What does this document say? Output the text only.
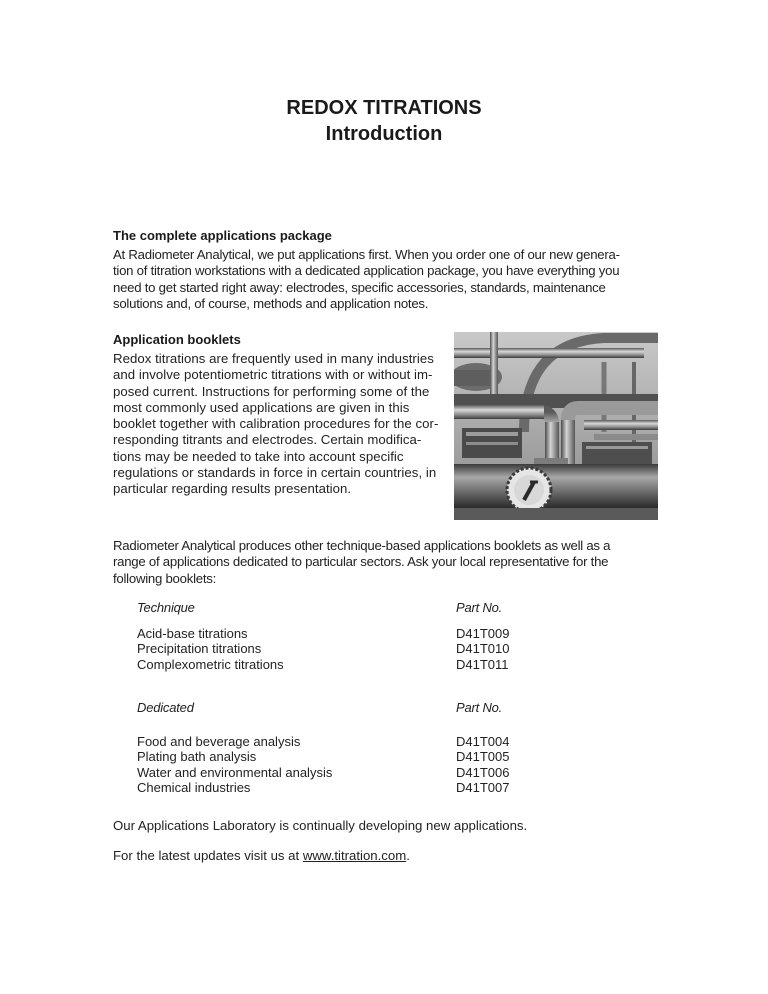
REDOX TITRATIONS
Introduction
The complete applications package
At Radiometer Analytical, we put applications first. When you order one of our new genera-
tion of titration workstations with a dedicated application package, you have everything you
need to get started right away: electrodes, specific accessories, standards, maintenance
solutions and, of course, methods and application notes.
Application booklets
Redox titrations are frequently used in many industries
and involve potentiometric titrations with or without im-
posed current. Instructions for performing some of the
most commonly used applications are given in this
booklet together with calibration procedures for the cor-
responding titrants and electrodes. Certain modifica-
tions may be needed to take into account specific
regulations or standards in force in certain countries, in
particular regarding results presentation.
Radiometer Analytical produces other technique-based applications booklets as well as a
range of applications dedicated to particular sectors. Ask your local representative for the
following booklets:
Technique	Part No.
Acid-base titrations	D41T009
Precipitation titrations	D41T010
Complexometric titrations	D41T011
Dedicated	Part No.
Food and beverage analysis	D41T004
Plating bath analysis	D41T005
Water and environmental analysis	D41T006
Chemical industries	D41T007
Our Applications Laboratory is continually developing new applications.
For the latest updates visit us at www.titration.com.
